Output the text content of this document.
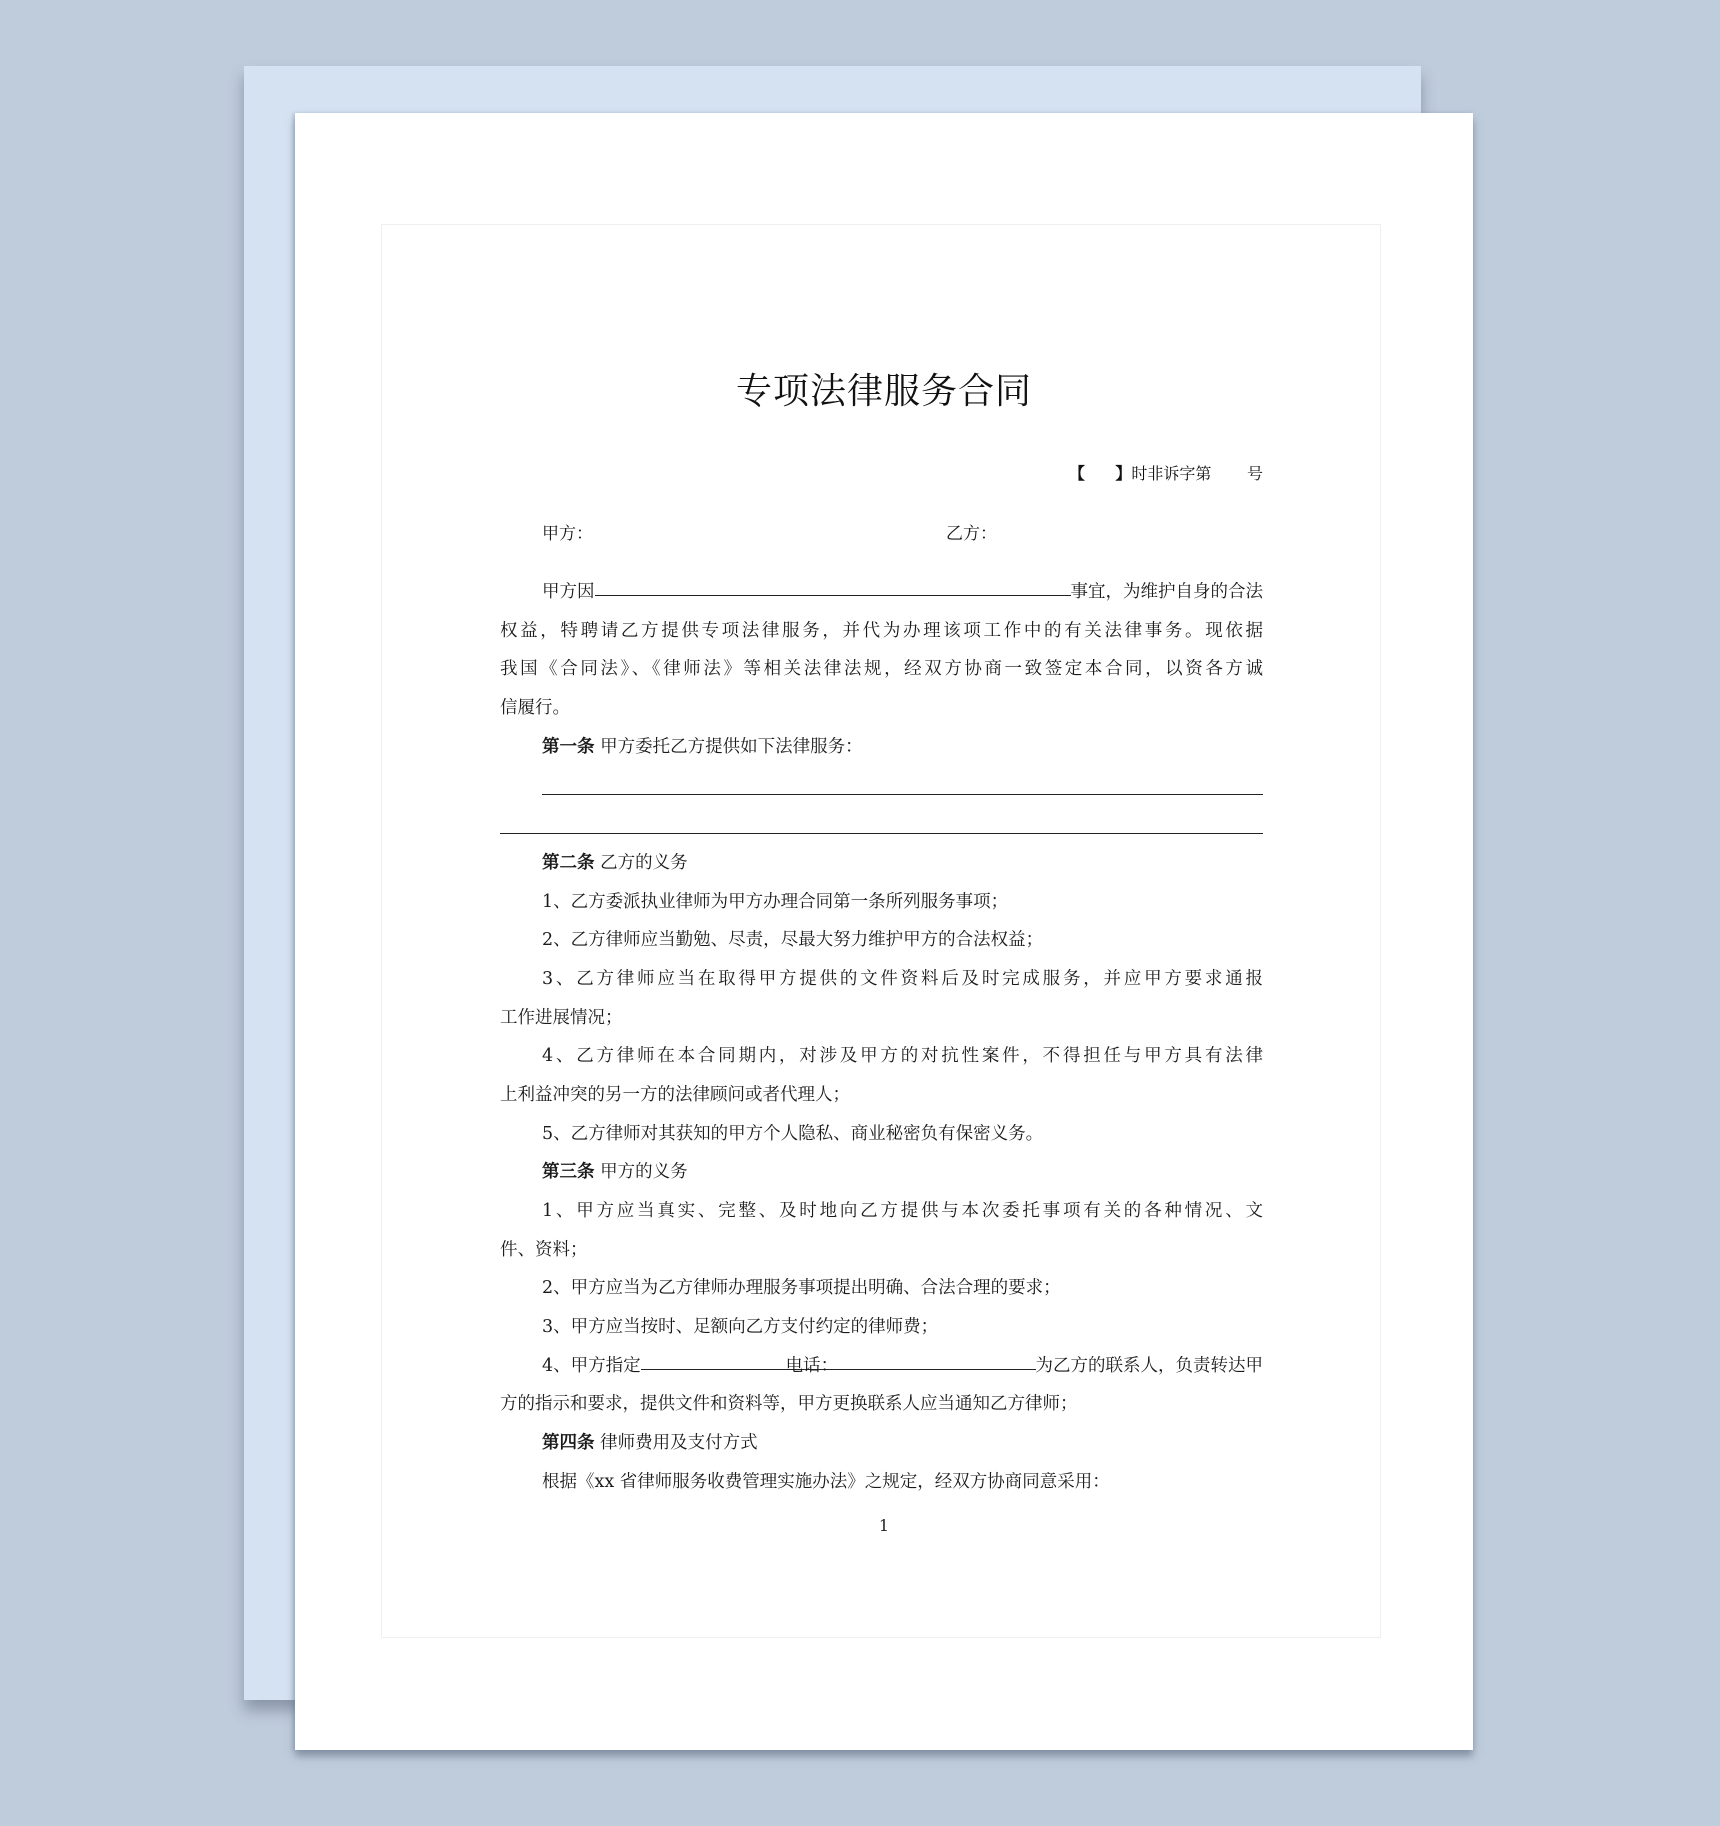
专项法律服务合同
【 】时非诉字第 号
甲方：	乙方：
甲方因	事宜，为维护自身的合法
权益，特聘请乙方提供专项法律服务，并代为办理该项工作中的有关法律事务。现依据
我国《合同法》、《律师法》等相关法律法规，经双方协商一致签定本合同，以资各方诚
信履行。
第一条 甲方委托乙方提供如下法律服务：
第二条 乙方的义务
1、乙方委派执业律师为甲方办理合同第一条所列服务事项；
2、乙方律师应当勤勉、尽责，尽最大努力维护甲方的合法权益；
3、乙方律师应当在取得甲方提供的文件资料后及时完成服务，并应甲方要求通报
工作进展情况；
4、乙方律师在本合同期内，对涉及甲方的对抗性案件，不得担任与甲方具有法律
上利益冲突的另一方的法律顾问或者代理人；
5、乙方律师对其获知的甲方个人隐私、商业秘密负有保密义务。
第三条 甲方的义务
1、甲方应当真实、完整、及时地向乙方提供与本次委托事项有关的各种情况、文
件、资料；
2、甲方应当为乙方律师办理服务事项提出明确、合法合理的要求；
3、甲方应当按时、足额向乙方支付约定的律师费；
4、甲方指定	电话：	为乙方的联系人，负责转达甲
方的指示和要求，提供文件和资料等，甲方更换联系人应当通知乙方律师；
第四条 律师费用及支付方式
根据《xx 省律师服务收费管理实施办法》之规定，经双方协商同意采用：
1
